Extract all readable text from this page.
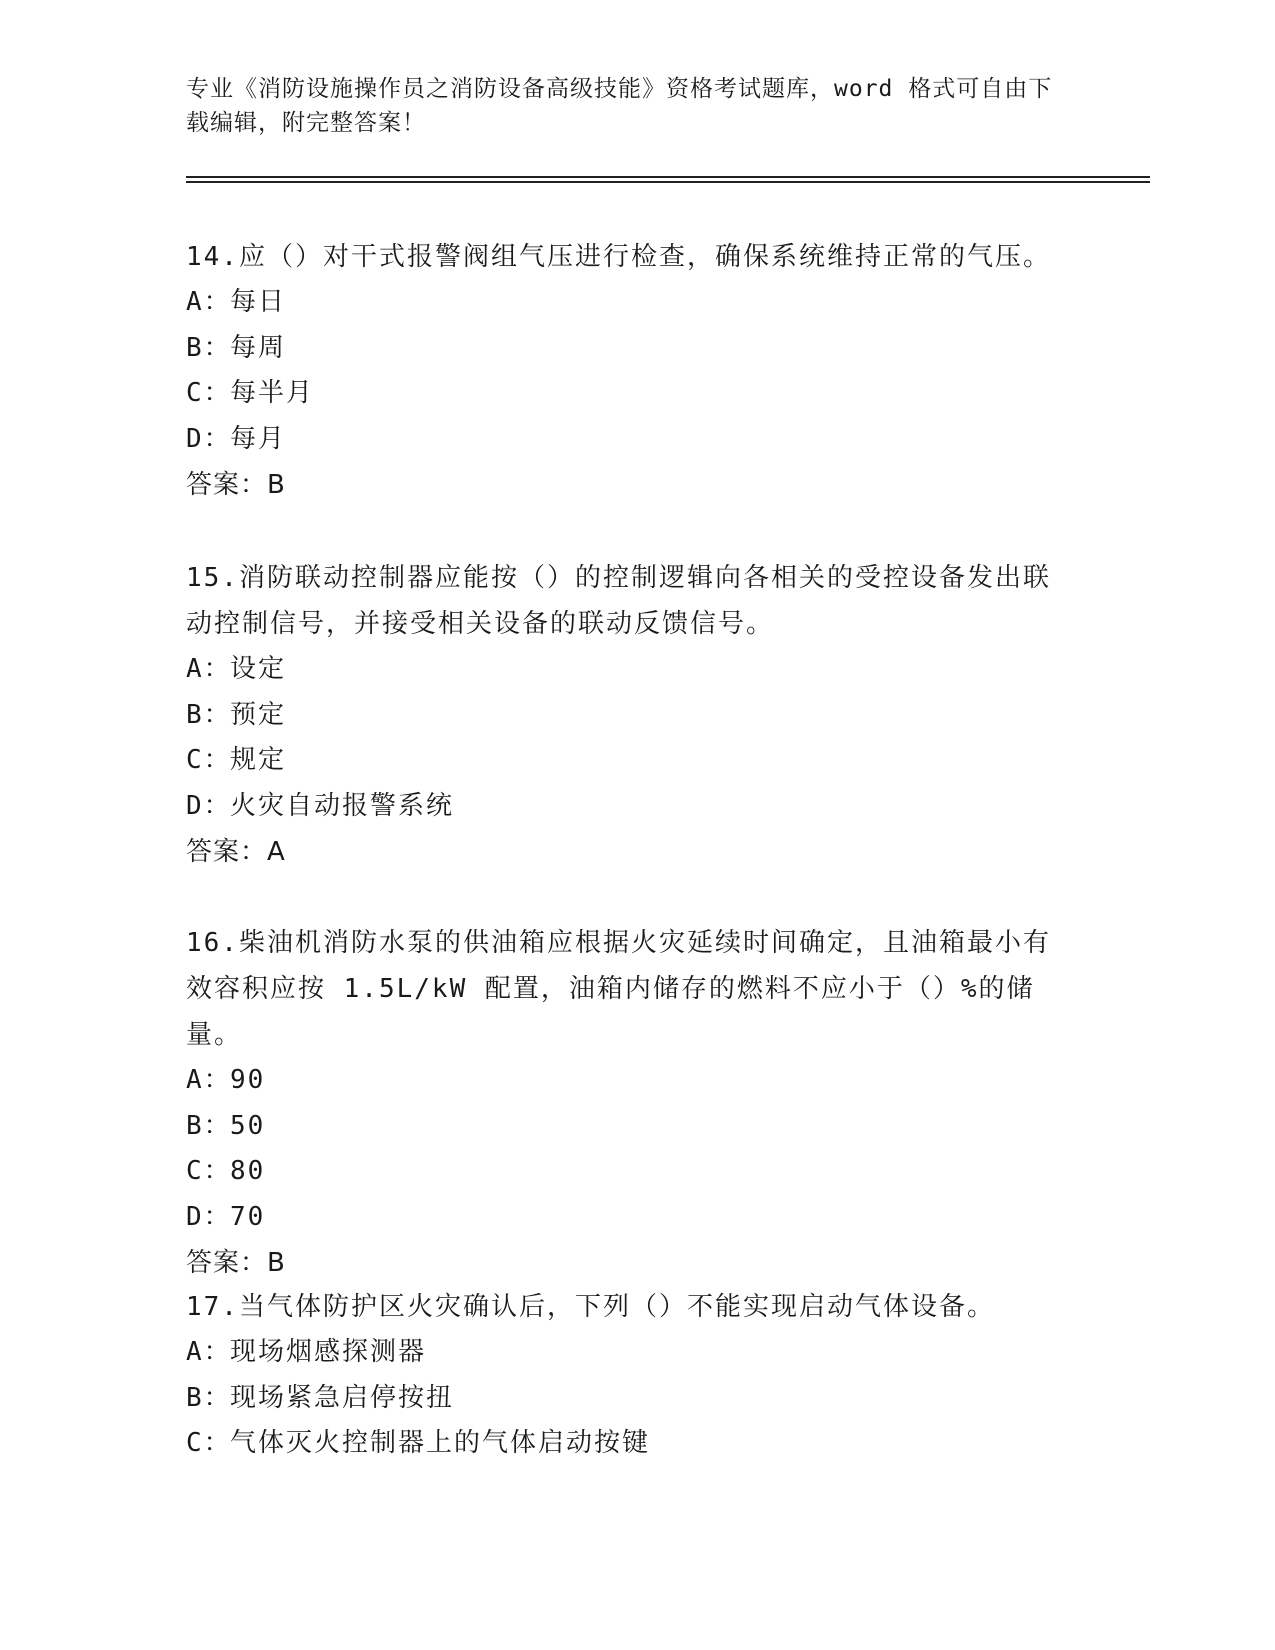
专业《消防设施操作员之消防设备高级技能》资格考试题库，word 格式可自由下
载编辑，附完整答案！
14.应（）对干式报警阀组气压进行检查，确保系统维持正常的气压。
A：每日
B：每周
C：每半月
D：每月
答案：B
15.消防联动控制器应能按（）的控制逻辑向各相关的受控设备发出联
动控制信号，并接受相关设备的联动反馈信号。
A：设定
B：预定
C：规定
D：火灾自动报警系统
答案：A
16.柴油机消防水泵的供油箱应根据火灾延续时间确定，且油箱最小有
效容积应按 1.5L/kW 配置，油箱内储存的燃料不应小于（）%的储量。
A：90
B：50
C：80
D：70
答案：B
17.当气体防护区火灾确认后，下列（）不能实现启动气体设备。
A：现场烟感探测器
B：现场紧急启停按扭
C：气体灭火控制器上的气体启动按键
